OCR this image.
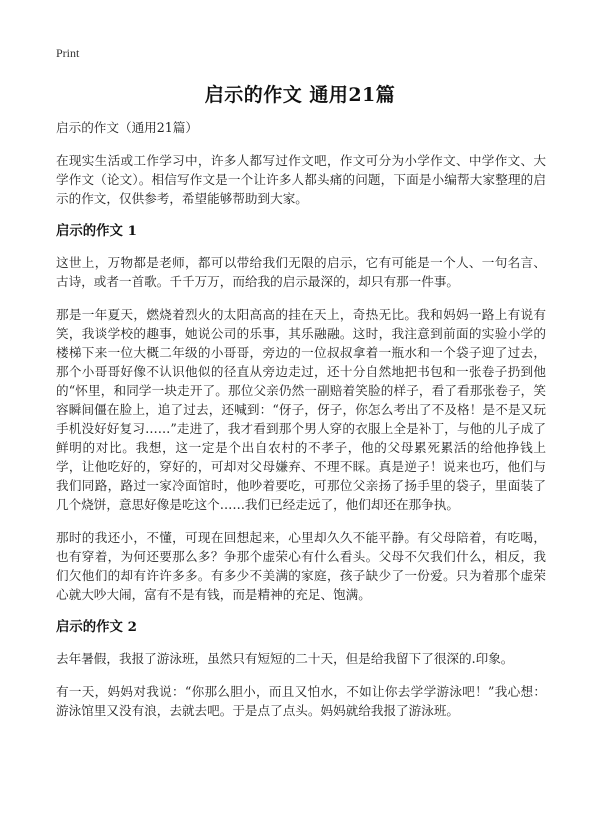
Print
启示的作文 通用21篇

启示的作文（通用21篇）

在现实生活或工作学习中，许多人都写过作文吧，作文可分为小学作文、中学作文、大学作文（论文）。相信写作文是一个让许多人都头痛的问题，下面是小编帮大家整理的启示的作文，仅供参考，希望能够帮助到大家。

启示的作文 1

这世上，万物都是老师，都可以带给我们无限的启示，它有可能是一个人、一句名言、古诗，或者一首歌。千千万万，而给我的启示最深的，却只有那一件事。

那是一年夏天，燃烧着烈火的太阳高高的挂在天上，奇热无比。我和妈妈一路上有说有笑，我谈学校的趣事，她说公司的乐事，其乐融融。这时，我注意到前面的实验小学的楼梯下来一位大概二年级的小哥哥，旁边的一位叔叔拿着一瓶水和一个袋子迎了过去，那个小哥哥好像不认识他似的径直从旁边走过，还十分自然地把书包和一张卷子扔到他的“怀里，和同学一块走开了。那位父亲仍然一副赔着笑脸的样子，看了看那张卷子，笑容瞬间僵在脸上，追了过去，还喊到：“伢子，伢子，你怎么考出了不及格！是不是又玩手机没好好复习……”走进了，我才看到那个男人穿的衣服上全是补丁，与他的儿子成了鲜明的对比。我想，这一定是个出自农村的不孝子，他的父母累死累活的给他挣钱上学，让他吃好的，穿好的，可却对父母嫌弃、不理不睬。真是逆子！说来也巧，他们与我们同路，路过一家冷面馆时，他吵着要吃，可那位父亲扬了扬手里的袋子，里面装了几个烧饼，意思好像是吃这个……我们已经走远了，他们却还在那争执。

那时的我还小，不懂，可现在回想起来，心里却久久不能平静。有父母陪着，有吃喝，也有穿着，为何还要那么多？争那个虚荣心有什么看头。父母不欠我们什么，相反，我们欠他们的却有许许多多。有多少不美满的家庭，孩子缺少了一份爱。只为着那个虚荣心就大吵大闹，富有不是有钱，而是精神的充足、饱满。

启示的作文 2

去年暑假，我报了游泳班，虽然只有短短的二十天，但是给我留下了很深的.印象。

有一天，妈妈对我说：“你那么胆小，而且又怕水，不如让你去学学游泳吧！”我心想：游泳馆里又没有浪，去就去吧。于是点了点头。妈妈就给我报了游泳班。
